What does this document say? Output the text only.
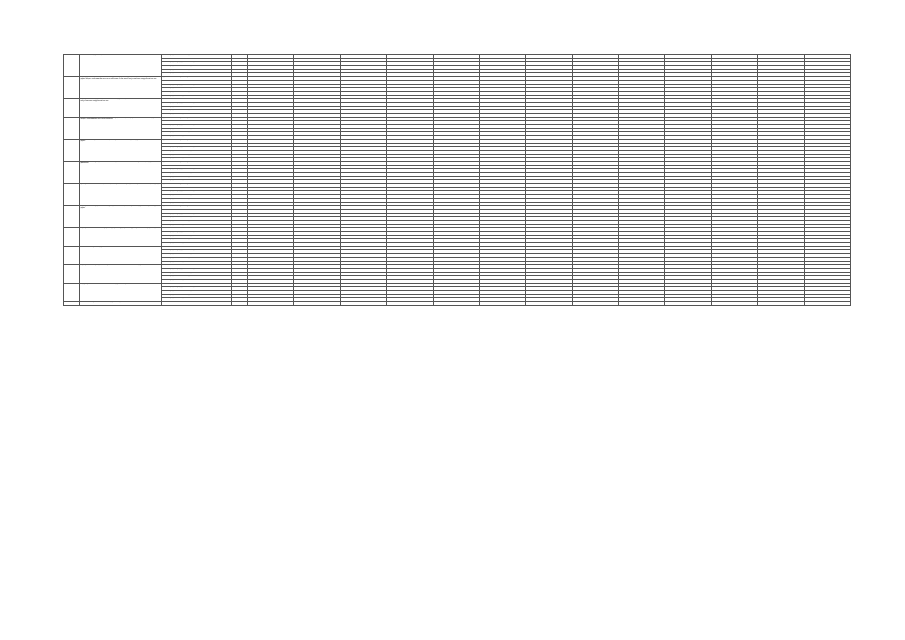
	автомобильных дорог общего пользования местного значения	за счет средств местного бюджета	611	0,00000	0,00000	0,00000	0,00000	0,00000	0,00000	0,00000	0,00000	0,00000	0,00000	0,00000	0,00000	0,00000
		всего, в том числе	611	7 171 571,27300	136 177,96000	67 777,72400	11 236,50000	1 156,40700	21 173,25890	9 071,13060	1 007 321,35000	77 572,70000	123 380,62380	1 123 340,00000	0,00000	0,00000
		за счет средств федерального бюджета		0,00000	0,00000	0,00000	0,00000	0,00000	0,00000	0,00000	0,00000	0,00000	0,00000	0,00000	0,00000	0,00000
		за счет средств областного бюджета	611	3 773 177,32820	10 717,00000	7 171,70000	0,00000	7 113,75000	3 012,75000	0,00000	0,00000	0,00000	0,00000	0,00000	0,00000	0,00000
		за счет средств местного бюджета	611	3 398 393,94480	125 460,96000	60 606,02400	11 236,50000	4 957,34300	18 160,50890	9 071,13060	1 007 321,35000	77 572,70000	123 380,62380	1 123 340,00000	0,00000	0,00000
		за счет средств внебюджетных источников		0,00000	0,00000	0,00000	0,00000	0,00000	0,00000	0,00000	0,00000	0,00000	0,00000	0,00000	0,00000	0,00000

5.1	Мероприятие по ремонту, капитальному ремонту, реконструкции и строительству автомобильных дорог общего пользования местного значения, в том числе искусственных сооружений на них	Прочие источники финансирования		0,00000	0,00000	0,00000	0,00000	0,00000	0,00000	0,00000	0,00000	0,00000	0,00000	0,00000	0,00000	0,00000
		всего, в том числе	611	230 757,00000	0,00000	3 593,00000	81 110,00000	0,00000	0,00000	71 180,00000	0,00000	0,00000	0,00000	0,00000	0,00000	0,00000
		за счет средств федерального бюджета		0,00000	0,00000	0,00000	0,00000	0,00000	0,00000	0,00000	0,00000	0,00000	0,00000	0,00000	0,00000	0,00000
		за счет средств областного бюджета	611	70 473,00000	0,00000	0,00000	0,00000	0,00000	0,00000	0,00000	0,00000	0,00000	0,00000	0,00000	0,00000	0,00000
		за счет средств местного бюджета	611	160 284,00000	0,00000	3 593,00000	81 110,00000	0,00000	0,00000	71 180,00000	0,00000	0,00000	0,00000	0,00000	0,00000	0,00000
		за счет средств внебюджетных источников		0,00000	0,00000	0,00000	0,00000	0,00000	0,00000	0,00000	0,00000	0,00000	0,00000	0,00000	0,00000	0,00000

5.2	Мероприятие по содержанию автомобильных дорог общего пользования местного значения и искусственных сооружений на них	всего, в том числе	611	0,00000	0,00000	0,00000	0,00000	0,00000	0,00000	0,00000	0,00000	0,00000	0,00000	0,00000	0,00000	0,00000
		за счет средств федерального бюджета		0,00000	0,00000	0,00000	0,00000	0,00000	0,00000	0,00000	0,00000	0,00000	0,00000	0,00000	0,00000	0,00000
		за счет средств областного бюджета	611	0,00000	0,00000	0,00000	0,00000	0,00000	0,00000	0,00000	0,00000	0,00000	0,00000	0,00000	0,00000	0,00000
		за счет средств местного бюджета	611	0,00000	0,00000	0,00000	0,00000	0,00000	0,00000	0,00000	0,00000	0,00000	0,00000	0,00000	0,00000	0,00000
		за счет средств внебюджетных источников		0,00000	0,00000	0,00000	0,00000	0,00000	0,00000	0,00000	0,00000	0,00000	0,00000	0,00000	0,00000	0,00000

5.3	Обеспечение деятельности учреждений, осуществляющих содержание автомобильных дорог общего пользования местного значения	Прочие источники финансирования		0,00000	0,00000	0,00000	0,00000	0,00000	0,00000	0,00000	0,00000	0,00000	0,00000	0,00000	0,00000	0,00000
		всего, в том числе	611	2 098 733,04560	22 681,96000	124 173,25690	201 009,70000	223 473,02170	177 321,36340	157 313,33000	240 781,91200	259 163,29650	411 240,82950	297 180,60800	301 593,00000	379 700,00000
		за счет средств федерального бюджета		0,00000	0,00000	0,00000	0,00000	0,00000	0,00000	0,00000	0,00000	0,00000	0,00000	0,00000	0,00000	0,00000
		за счет средств областного бюджета	611	0,00000	0,00000	0,00000	0,00000	0,00000	0,00000	0,00000	0,00000	0,00000	0,00000	0,00000	0,00000	0,00000
		за счет средств местного бюджета	611	2 098 733,04560	22 681,96000	124 173,25690	201 009,70000	223 473,02170	177 321,36340	157 313,33000	240 781,91200	259 163,29650	411 240,82950	297 180,60800	301 593,00000	379 700,00000
		за счет средств внебюджетных источников		0,00000	0,00000	0,00000	0,00000	0,00000	0,00000	0,00000	0,00000	0,00000	0,00000	0,00000	0,00000	0,00000

5.4	Приобретение (строительство) специализированной техники для содержания автомобильных дорог	Прочие источники финансирования		0,00000	0,00000	0,00000	0,00000	0,00000	0,00000	0,00000	0,00000	0,00000	0,00000	0,00000	0,00000	0,00000
		всего, в том числе	611	368 230,81100	92 730,00000	2 901,00000	0,00000	31 497,00000	42 178,81100	74 088,00000	73 123,00000	72 273,00000	78 206,00000	0,00000	0,00000	0,00000
		за счет средств федерального бюджета		0,00000	0,00000	0,00000	0,00000	0,00000	0,00000	0,00000	0,00000	0,00000	0,00000	0,00000	0,00000	0,00000
		за счет средств областного бюджета	611	0,00000	0,00000	0,00000	0,00000	0,00000	0,00000	0,00000	0,00000	0,00000	0,00000	0,00000	0,00000	0,00000
		за счет средств местного бюджета	611	368 230,81100	92 730,00000	2 901,00000	0,00000	31 497,00000	42 178,81100	74 088,00000	73 123,00000	72 273,00000	78 206,00000	0,00000	0,00000	0,00000
		за счет средств внебюджетных источников		0,00000	0,00000	0,00000	0,00000	0,00000	0,00000	0,00000	0,00000	0,00000	0,00000	0,00000	0,00000	0,00000

5.5	Предоставление субсидий на обеспечение деятельности, связанной с организацией дорожного движения	Прочие источники финансирования		0,00000	0,00000	0,00000	0,00000	0,00000	0,00000	0,00000	0,00000	0,00000	0,00000	0,00000	0,00000	0,00000
		всего, в том числе	611	7 120,00000	0,00000	7 120,00000	0,00000	0,00000	0,00000	0,00000	0,00000	0,00000	0,00000	0,00000	0,00000	0,00000
		за счет средств федерального бюджета		0,00000	0,00000	0,00000	0,00000	0,00000	0,00000	0,00000	0,00000	0,00000	0,00000	0,00000	0,00000	0,00000
		за счет средств областного бюджета	611	0,00000	0,00000	0,00000	0,00000	0,00000	0,00000	0,00000	0,00000	0,00000	0,00000	0,00000	0,00000	0,00000
		за счет средств местного бюджета	611	7 120,00000	0,00000	7 120,00000	0,00000	0,00000	0,00000	0,00000	0,00000	0,00000	0,00000	0,00000	0,00000	0,00000
		за счет средств внебюджетных источников		0,00000	0,00000	0,00000	0,00000	0,00000	0,00000	0,00000	0,00000	0,00000	0,00000	0,00000	0,00000	0,00000

5.6	Приобретение жилых помещений в целях переселения граждан из аварийного жилищного фонда	Прочие источники финансирования		0,00000	0,00000	0,00000	0,00000	0,00000	0,00000	0,00000	0,00000	0,00000	0,00000	0,00000	0,00000	0,00000
		всего, в том числе	611	7 100,00000	0,00000	0,00000	7 100,00000	0,00000	0,00000	0,00000	0,00000	0,00000	0,00000	0,00000	0,00000	0,00000
		за счет средств федерального бюджета		0,00000	0,00000	0,00000	0,00000	0,00000	0,00000	0,00000	0,00000	0,00000	0,00000	0,00000	0,00000	0,00000
		за счет средств областного бюджета	611	0,00000	0,00000	0,00000	0,00000	0,00000	0,00000	0,00000	0,00000	0,00000	0,00000	0,00000	0,00000	0,00000
		за счет средств местного бюджета	611	7 100,00000	0,00000	0,00000	7 100,00000	0,00000	0,00000	0,00000	0,00000	0,00000	0,00000	0,00000	0,00000	0,00000
		за счет средств внебюджетных источников		0,00000	0,00000	0,00000	0,00000	0,00000	0,00000	0,00000	0,00000	0,00000	0,00000	0,00000	0,00000	0,00000

5.7	Мероприятие по предоставлению субсидий на возмещение затрат по содержанию и ремонту дорог	Прочие источники финансирования		0,00000	0,00000	0,00000	0,00000	0,00000	0,00000	0,00000	0,00000	0,00000	0,00000	0,00000	0,00000	0,00000
		всего, в том числе	611	35 660,00000	0,00000	0,00000	0,00000	7 123,00000	7 851,00000	7 337,00000	0,00000	0,00000	0,00000	0,00000	0,00000	0,00000
		за счет средств федерального бюджета		0,00000	0,00000	0,00000	0,00000	0,00000	0,00000	0,00000	0,00000	0,00000	0,00000	0,00000	0,00000	0,00000
		за счет средств областного бюджета	611	18 570,00000	0,00000	0,00000	0,00000	0,00000	0,00000	0,00000	0,00000	0,00000	0,00000	0,00000	0,00000	0,00000
		за счет средств местного бюджета	611	17 090,00000	0,00000	0,00000	0,00000	7 123,00000	7 851,00000	7 337,00000	0,00000	0,00000	0,00000	0,00000	0,00000	0,00000
		за счет средств внебюджетных источников		0,00000	0,00000	0,00000	0,00000	0,00000	0,00000	0,00000	0,00000	0,00000	0,00000	0,00000	0,00000	0,00000

5.8	Мероприятие по капитальному ремонту и ремонту дворовых территорий многоквартирных домов	всего, в том числе	611	1 192 781,00000	0,00000	0,00000	0,00000	0,00000	0,00000	248 302,00000	162 170,00000	289 311,00000	0,00000	0,00000	0,00000	0,00000
		за счет средств федерального бюджета		0,00000	0,00000	0,00000	0,00000	0,00000	0,00000	0,00000	0,00000	0,00000	0,00000	0,00000	0,00000	0,00000
		за счет средств областного бюджета	611	757 713,00000	0,00000	0,00000	0,00000	0,00000	0,00000	162 443,00000	108 232,00000	187 070,00000	0,00000	0,00000	0,00000	0,00000
		за счет средств местного бюджета	611	435 068,00000	0,00000	0,00000	0,00000	0,00000	0,00000	85 859,00000	53 938,00000	102 241,00000	0,00000	0,00000	0,00000	0,00000
		за счет средств внебюджетных источников		0,00000	0,00000	0,00000	0,00000	0,00000	0,00000	0,00000	0,00000	0,00000	0,00000	0,00000	0,00000	0,00000

5.8.1	Региональный проект "Дорожная сеть"	всего, в том числе	611	2 066 376,00000	0,00000	0,00000	0,00000	0,00000	0,00000	155 302,00000	251 354,00000	1 030 173,00000	1 036 233,00000	0,00000	0,00000	0,00000
		за счет средств федерального бюджета		0,00000	0,00000	0,00000	0,00000	0,00000	0,00000	0,00000	0,00000	0,00000	0,00000	0,00000	0,00000	0,00000
		за счет средств областного бюджета	611	1 870 288,00000	0,00000	0,00000	0,00000	0,00000	0,00000	141 680,00000	227 980,00000	926 770,00000	940 128,00000	0,00000	0,00000	0,00000
		за счет средств местного бюджета	611	196 088,00000	0,00000	0,00000	0,00000	0,00000	0,00000	13 622,00000	23 374,00000	103 403,00000	96 105,00000	0,00000	0,00000	0,00000
		за счет средств внебюджетных источников		0,00000	0,00000	0,00000	0,00000	0,00000	0,00000	0,00000	0,00000	0,00000	0,00000	0,00000	0,00000	0,00000

5.8.1.1	Мероприятие по приведению в нормативное состояние автомобильных дорог	всего, в том числе	611	2 077 435,00000	0,00000	0,00000	0,00000	0,00000	0,00000	155 302,00000	262 413,00000	1 030 173,00000	1 036 233,00000	0,00000	0,00000	0,00000
		за счет средств федерального бюджета		0,00000	0,00000	0,00000	0,00000	0,00000	0,00000	0,00000	0,00000	0,00000	0,00000	0,00000	0,00000	0,00000
		за счет средств областного бюджета	611	1 880 288,00000	0,00000	0,00000	0,00000	0,00000	0,00000	141 680,00000	237 980,00000	926 770,00000	940 128,00000	0,00000	0,00000	0,00000
		за счет средств местного бюджета	611	197 147,00000	0,00000	0,00000	0,00000	0,00000	0,00000	13 622,00000	24 433,00000	103 403,00000	96 105,00000	0,00000	0,00000	0,00000
		за счет средств внебюджетных источников		0,00000	0,00000	0,00000	0,00000	0,00000	0,00000	0,00000	0,00000	0,00000	0,00000	0,00000	0,00000	0,00000

6	Подпрограмма "Обеспечение безопасности дорожного движения"	всего, в том числе	611	16 713,00000	0,00000	0,00000	0,00000	0,00000	0,00000	0,00000	0,00000	2 722,00000	3 999,00000	3 330,00000	3 330,00000	3 330,00000
		за счет средств федерального бюджета		0,00000	0,00000	0,00000	0,00000	0,00000	0,00000	0,00000	0,00000	0,00000	0,00000	0,00000	0,00000	0,00000
		за счет средств областного бюджета	611	0,00000	0,00000	0,00000	0,00000	0,00000	0,00000	0,00000	0,00000	0,00000	0,00000	0,00000	0,00000	0,00000
		за счет средств местного бюджета	611	16 713,00000	0,00000	0,00000	0,00000	0,00000	0,00000	0,00000	0,00000	2 722,00000	3 999,00000	3 330,00000	3 330,00000	3 330,00000
		за счет средств внебюджетных источников		0,00000	0,00000	0,00000	0,00000	0,00000	0,00000	0,00000	0,00000	0,00000	0,00000	0,00000	0,00000	0,00000

6.1	Региональный проект "Безопасность дорожного движения"	всего, в том числе	611	16 713,00000	0,00000	0,00000	0,00000	0,00000	0,00000	0,00000	0,00000	2 722,00000	3 999,00000	3 330,00000	3 330,00000	3 330,00000
